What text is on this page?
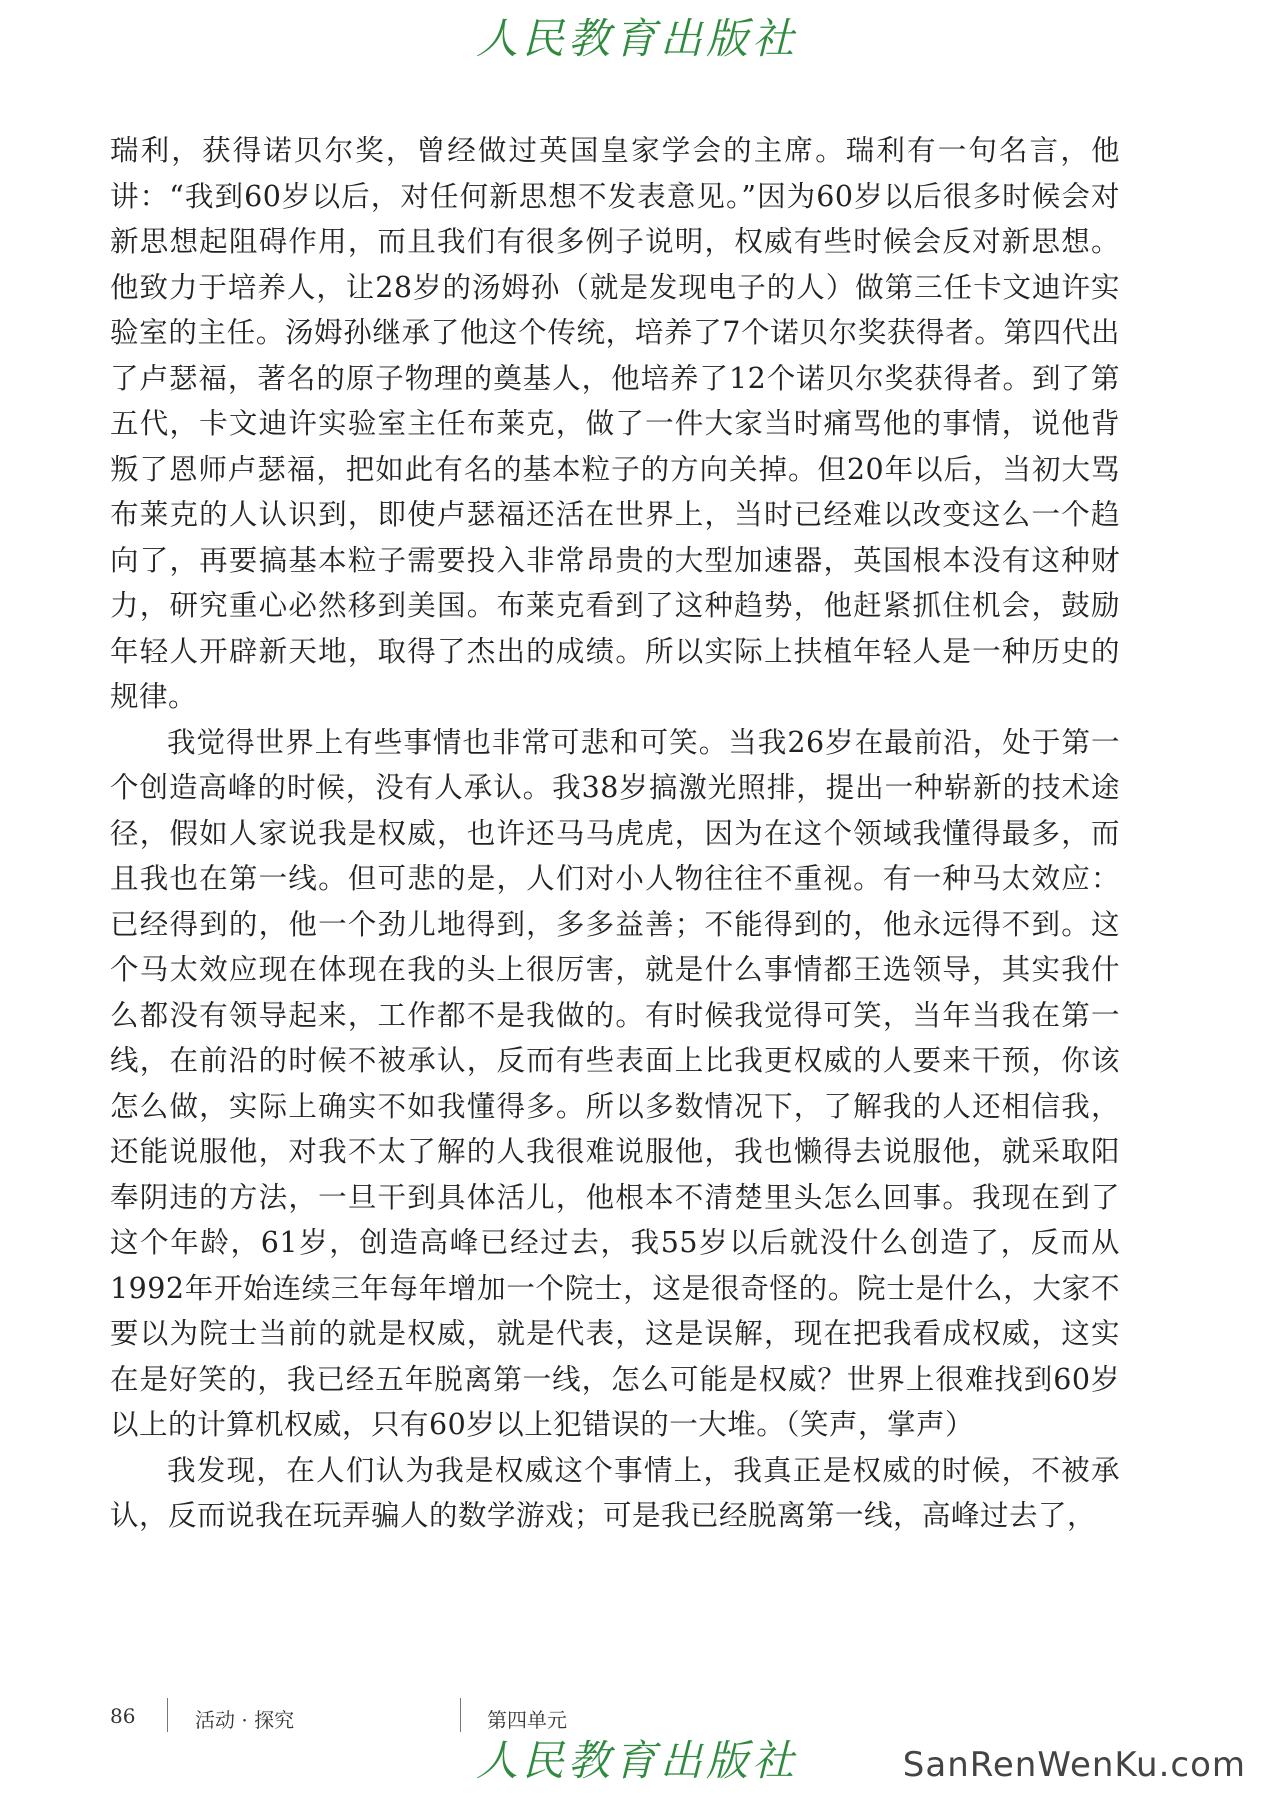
人民教育出版社

瑞利，获得诺贝尔奖，曾经做过英国皇家学会的主席。瑞利有一句名言，他讲：“我到60岁以后，对任何新思想不发表意见。”因为60岁以后很多时候会对新思想起阻碍作用，而且我们有很多例子说明，权威有些时候会反对新思想。他致力于培养人，让28岁的汤姆孙（就是发现电子的人）做第三任卡文迪许实验室的主任。汤姆孙继承了他这个传统，培养了7个诺贝尔奖获得者。第四代出了卢瑟福，著名的原子物理的奠基人，他培养了12个诺贝尔奖获得者。到了第五代，卡文迪许实验室主任布莱克，做了一件大家当时痛骂他的事情，说他背叛了恩师卢瑟福，把如此有名的基本粒子的方向关掉。但20年以后，当初大骂布莱克的人认识到，即使卢瑟福还活在世界上，当时已经难以改变这么一个趋向了，再要搞基本粒子需要投入非常昂贵的大型加速器，英国根本没有这种财力，研究重心必然移到美国。布莱克看到了这种趋势，他赶紧抓住机会，鼓励年轻人开辟新天地，取得了杰出的成绩。所以实际上扶植年轻人是一种历史的规律。

我觉得世界上有些事情也非常可悲和可笑。当我26岁在最前沿，处于第一个创造高峰的时候，没有人承认。我38岁搞激光照排，提出一种崭新的技术途径，假如人家说我是权威，也许还马马虎虎，因为在这个领域我懂得最多，而且我也在第一线。但可悲的是，人们对小人物往往不重视。有一种马太效应：已经得到的，他一个劲儿地得到，多多益善；不能得到的，他永远得不到。这个马太效应现在体现在我的头上很厉害，就是什么事情都王选领导，其实我什么都没有领导起来，工作都不是我做的。有时候我觉得可笑，当年当我在第一线，在前沿的时候不被承认，反而有些表面上比我更权威的人要来干预，你该怎么做，实际上确实不如我懂得多。所以多数情况下，了解我的人还相信我，还能说服他，对我不太了解的人我很难说服他，我也懒得去说服他，就采取阳奉阴违的方法，一旦干到具体活儿，他根本不清楚里头怎么回事。我现在到了这个年龄，61岁，创造高峰已经过去，我55岁以后就没什么创造了，反而从1992年开始连续三年每年增加一个院士，这是很奇怪的。院士是什么，大家不要以为院士当前的就是权威，就是代表，这是误解，现在把我看成权威，这实在是好笑的，我已经五年脱离第一线，怎么可能是权威？世界上很难找到60岁以上的计算机权威，只有60岁以上犯错误的一大堆。（笑声，掌声）

我发现，在人们认为我是权威这个事情上，我真正是权威的时候，不被承认，反而说我在玩弄骗人的数学游戏；可是我已经脱离第一线，高峰过去了，

86	活动 · 探究	第四单元
人民教育出版社	SanRenWenKu.com
